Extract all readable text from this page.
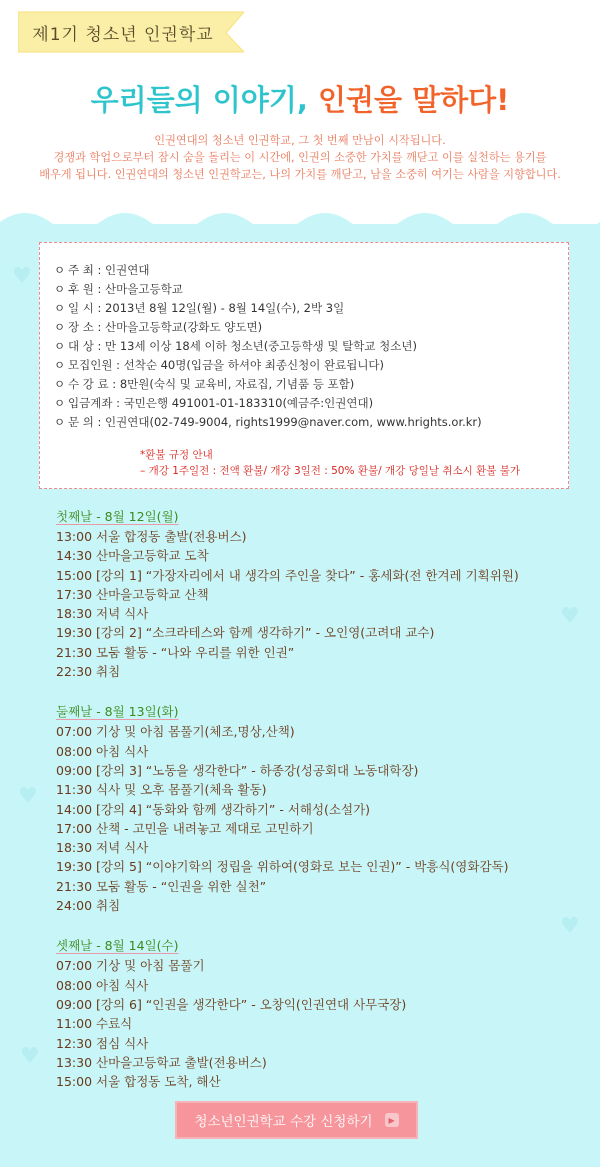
제1기 청소년 인권학교
우리들의 이야기, 인권을 말하다!
인권연대의 청소년 인권학교, 그 첫 번째 만남이 시작됩니다.
경쟁과 학업으로부터 잠시 숨을 돌리는 이 시간에, 인권의 소중한 가치를 깨닫고 이를 실천하는 용기를
배우게 됩니다. 인권연대의 청소년 인권학교는, 나의 가치를 깨닫고, 남을 소중히 여기는 사람을 지향합니다.
♥
♥
♥
♥
♥
ㅇ 주 최 : 인권연대
ㅇ 후 원 : 산마을고등학교
ㅇ 일 시 : 2013년 8월 12일(월) - 8월 14일(수), 2박 3일
ㅇ 장 소 : 산마을고등학교(강화도 양도면)
ㅇ 대 상 : 만 13세 이상 18세 이하 청소년(중고등학생 및 탈학교 청소년)
ㅇ 모집인원 : 선착순 40명(입금을 하셔야 최종신청이 완료됩니다)
ㅇ 수 강 료 : 8만원(숙식 및 교육비, 자료집, 기념품 등 포함)
ㅇ 입금계좌 : 국민은행 491001-01-183310(예금주:인권연대)
ㅇ 문 의 : 인권연대(02-749-9004, rights1999@naver.com, www.hrights.or.kr)
*환불 규정 안내
– 개강 1주일전 : 전액 환불/ 개강 3일전 : 50% 환불/ 개강 당일날 취소시 환불 불가
첫째날 - 8월 12일(월)
13:00 서울 합정동 출발(전용버스)
14:30 산마을고등학교 도착
15:00 [강의 1] “가장자리에서 내 생각의 주인을 찾다” - 홍세화(전 한겨레 기획위원)
17:30 산마을고등학교 산책
18:30 저녁 식사
19:30 [강의 2] “소크라테스와 함께 생각하기” - 오인영(고려대 교수)
21:30 모둠 활동 - “나와 우리를 위한 인권”
22:30 취침
둘째날 - 8월 13일(화)
07:00 기상 및 아침 몸풀기(체조,명상,산책)
08:00 아침 식사
09:00 [강의 3] “노동을 생각한다” - 하종강(성공회대 노동대학장)
11:30 식사 및 오후 몸풀기(체육 활동)
14:00 [강의 4] “동화와 함께 생각하기” - 서해성(소설가)
17:00 산책 - 고민을 내려놓고 제대로 고민하기
18:30 저녁 식사
19:30 [강의 5] “이야기학의 정립을 위하여(영화로 보는 인권)” - 박흥식(영화감독)
21:30 모둠 활동 - “인권을 위한 실천”
24:00 취침
셋째날 - 8월 14일(수)
07:00 기상 및 아침 몸풀기
08:00 아침 식사
09:00 [강의 6] “인권을 생각한다” - 오창익(인권연대 사무국장)
11:00 수료식
12:30 점심 식사
13:30 산마을고등학교 출발(전용버스)
15:00 서울 합정동 도착, 해산
청소년인권학교 수강 신청하기	▶
